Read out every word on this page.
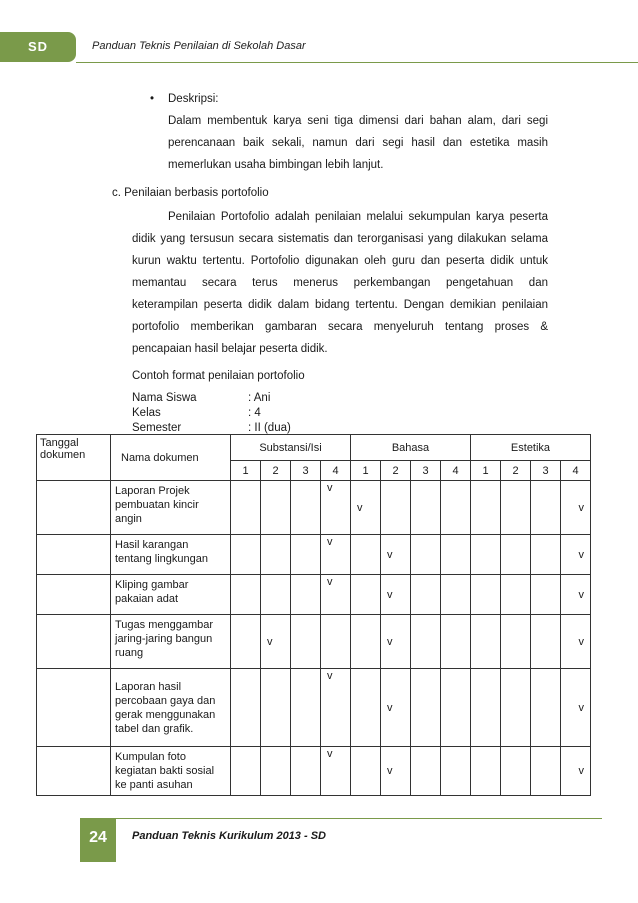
SD	Panduan Teknis Penilaian di Sekolah Dasar
• Deskripsi:
Dalam membentuk karya seni tiga dimensi dari bahan alam, dari segi
perencanaan baik sekali, namun dari segi hasil dan estetika masih
memerlukan usaha bimbingan lebih lanjut.
c. Penilaian berbasis portofolio
Penilaian Portofolio adalah penilaian melalui sekumpulan karya peserta
didik yang tersusun secara sistematis dan terorganisasi yang dilakukan selama
kurun waktu tertentu. Portofolio digunakan oleh guru dan peserta didik untuk
memantau secara terus menerus perkembangan pengetahuan dan
keterampilan peserta didik dalam bidang tertentu. Dengan demikian penilaian
portofolio memberikan gambaran secara menyeluruh tentang proses &
pencapaian hasil belajar peserta didik.
Contoh format penilaian portofolio
Nama Siswa	: Ani
Kelas	: 4
Semester	: II (dua)
Tanggal dokumen	Nama dokumen	Substansi/Isi				Bahasa				Estetika			
		1	2	3	4	1	2	3	4	1	2	3	4
	Laporan Projek pembuatan kincir angin				v	v							v
	Hasil karangan tentang lingkungan				v		v						v
	Kliping gambar pakaian adat				v		v						v
	Tugas menggambar jaring-jaring bangun ruang		v				v						v
	Laporan hasil percobaan gaya dan gerak menggunakan tabel dan grafik.				v		v						v
	Kumpulan foto kegiatan bakti sosial ke panti asuhan				v		v						v
24	Panduan Teknis Kurikulum 2013 - SD
